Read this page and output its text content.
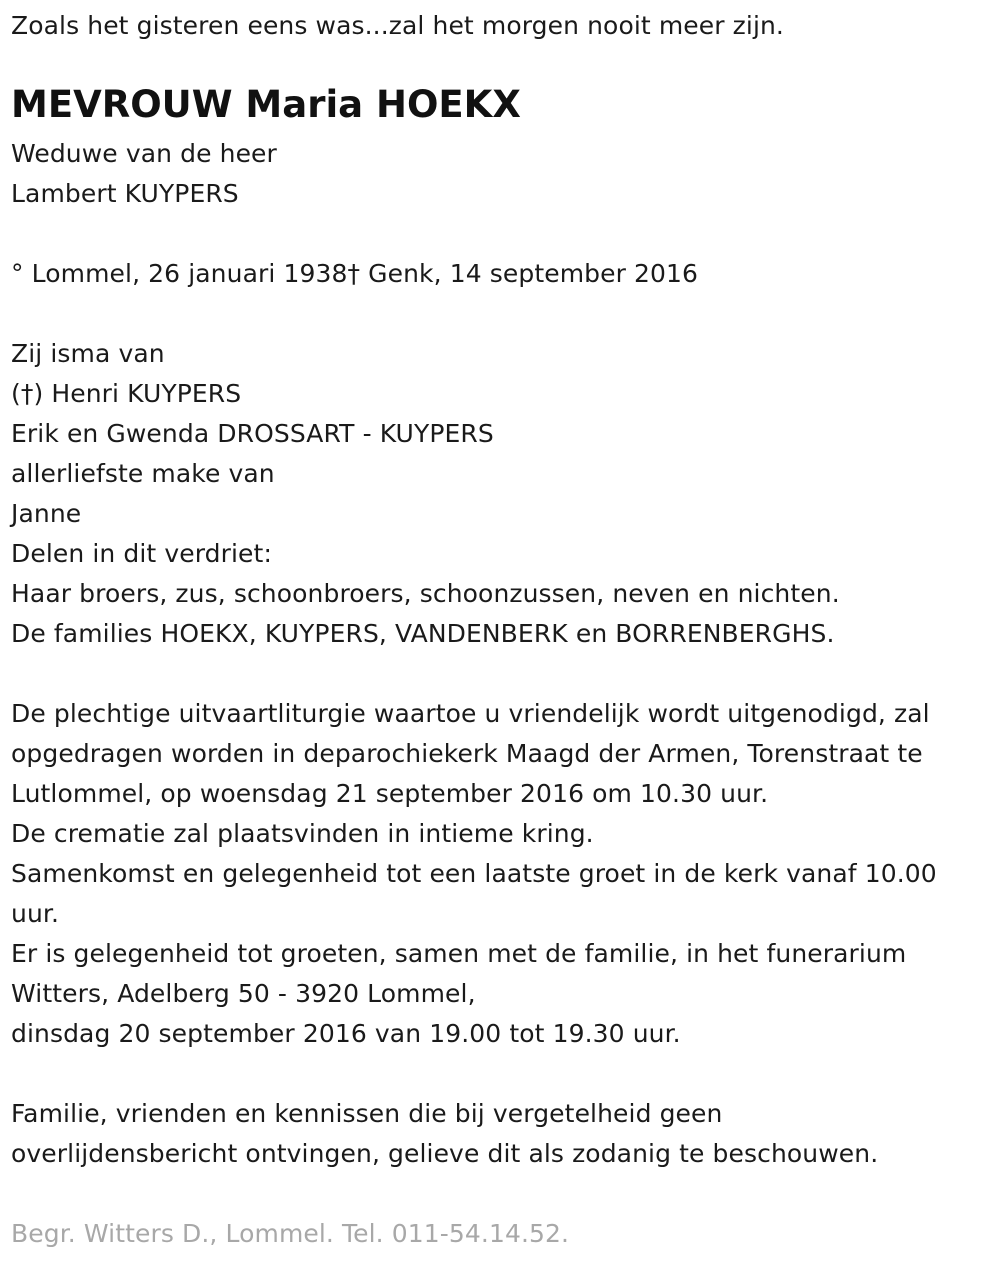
Zoals het gisteren eens was...zal het morgen nooit meer zijn.
MEVROUW Maria HOEKX
Weduwe van de heer
Lambert KUYPERS
° Lommel, 26 januari 1938† Genk, 14 september 2016
Zij isma van
(†) Henri KUYPERS
Erik en Gwenda DROSSART - KUYPERS
allerliefste make van
Janne
Delen in dit verdriet:
Haar broers, zus, schoonbroers, schoonzussen, neven en nichten.
De families HOEKX, KUYPERS, VANDENBERK en BORRENBERGHS.
De plechtige uitvaartliturgie waartoe u vriendelijk wordt uitgenodigd, zal
opgedragen worden in deparochiekerk Maagd der Armen, Torenstraat te
Lutlommel, op woensdag 21 september 2016 om 10.30 uur.
De crematie zal plaatsvinden in intieme kring.
Samenkomst en gelegenheid tot een laatste groet in de kerk vanaf 10.00
uur.
Er is gelegenheid tot groeten, samen met de familie, in het funerarium
Witters, Adelberg 50 - 3920 Lommel,
dinsdag 20 september 2016 van 19.00 tot 19.30 uur.
Familie, vrienden en kennissen die bij vergetelheid geen
overlijdensbericht ontvingen, gelieve dit als zodanig te beschouwen.
Begr. Witters D., Lommel. Tel. 011-54.14.52.
